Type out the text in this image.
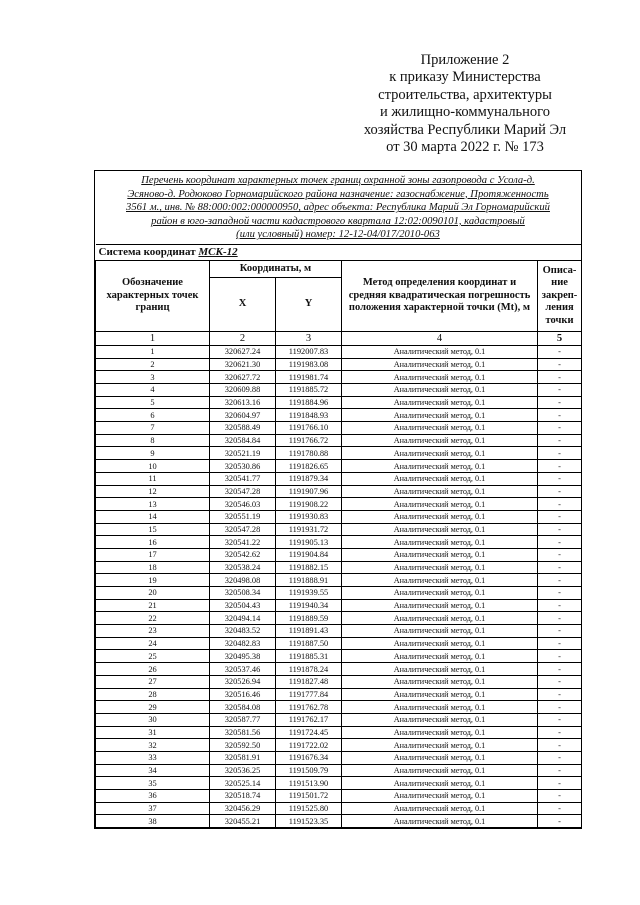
Приложение 2
к приказу Министерства
строительства, архитектуры
и жилищно-коммунального
хозяйства Республики Марий Эл
от 30 марта 2022 г. № 173
Перечень координат характерных точек границ охранной зоны газопровода с Усола-д.
Эсяново-д. Родюково Горномарийского района назначение: газоснабжение, Протяженность
3561 м., инв. № 88:000:002:000000950, адрес объекта: Республика Марий Эл Горномарийский
район в юго-западной части кадастрового квартала 12:02:0090101, кадастровый
(или условный) номер: 12-12-04/017/2010-063
Система координат МСК-12				
Обозначение характерных точек границ	Координаты, м		Метод определения координат и средняя квадратическая погрешность положения характерной точки (Mt), м	Описа-ние закреп-ления точки
	X	Y		
1	2	3	4	5
1	320627.24	1192007.83	Аналитический метод, 0.1	-
2	320621.30	1191983.08	Аналитический метод, 0.1	-
3	320627.72	1191981.74	Аналитический метод, 0.1	-
4	320609.88	1191885.72	Аналитический метод, 0.1	-
5	320613.16	1191884.96	Аналитический метод, 0.1	-
6	320604.97	1191848.93	Аналитический метод, 0.1	-
7	320588.49	1191766.10	Аналитический метод, 0.1	-
8	320584.84	1191766.72	Аналитический метод, 0.1	-
9	320521.19	1191780.88	Аналитический метод, 0.1	-
10	320530.86	1191826.65	Аналитический метод, 0.1	-
11	320541.77	1191879.34	Аналитический метод, 0.1	-
12	320547.28	1191907.96	Аналитический метод, 0.1	-
13	320546.03	1191908.22	Аналитический метод, 0.1	-
14	320551.19	1191930.83	Аналитический метод, 0.1	-
15	320547.28	1191931.72	Аналитический метод, 0.1	-
16	320541.22	1191905.13	Аналитический метод, 0.1	-
17	320542.62	1191904.84	Аналитический метод, 0.1	-
18	320538.24	1191882.15	Аналитический метод, 0.1	-
19	320498.08	1191888.91	Аналитический метод, 0.1	-
20	320508.34	1191939.55	Аналитический метод, 0.1	-
21	320504.43	1191940.34	Аналитический метод, 0.1	-
22	320494.14	1191889.59	Аналитический метод, 0.1	-
23	320483.52	1191891.43	Аналитический метод, 0.1	-
24	320482.83	1191887.50	Аналитический метод, 0.1	-
25	320495.38	1191885.31	Аналитический метод, 0.1	-
26	320537.46	1191878.24	Аналитический метод, 0.1	-
27	320526.94	1191827.48	Аналитический метод, 0.1	-
28	320516.46	1191777.84	Аналитический метод, 0.1	-
29	320584.08	1191762.78	Аналитический метод, 0.1	-
30	320587.77	1191762.17	Аналитический метод, 0.1	-
31	320581.56	1191724.45	Аналитический метод, 0.1	-
32	320592.50	1191722.02	Аналитический метод, 0.1	-
33	320581.91	1191676.34	Аналитический метод, 0.1	-
34	320536.25	1191509.79	Аналитический метод, 0.1	-
35	320525.14	1191513.90	Аналитический метод, 0.1	-
36	320518.74	1191501.72	Аналитический метод, 0.1	-
37	320456.29	1191525.80	Аналитический метод, 0.1	-
38	320455.21	1191523.35	Аналитический метод, 0.1	-
